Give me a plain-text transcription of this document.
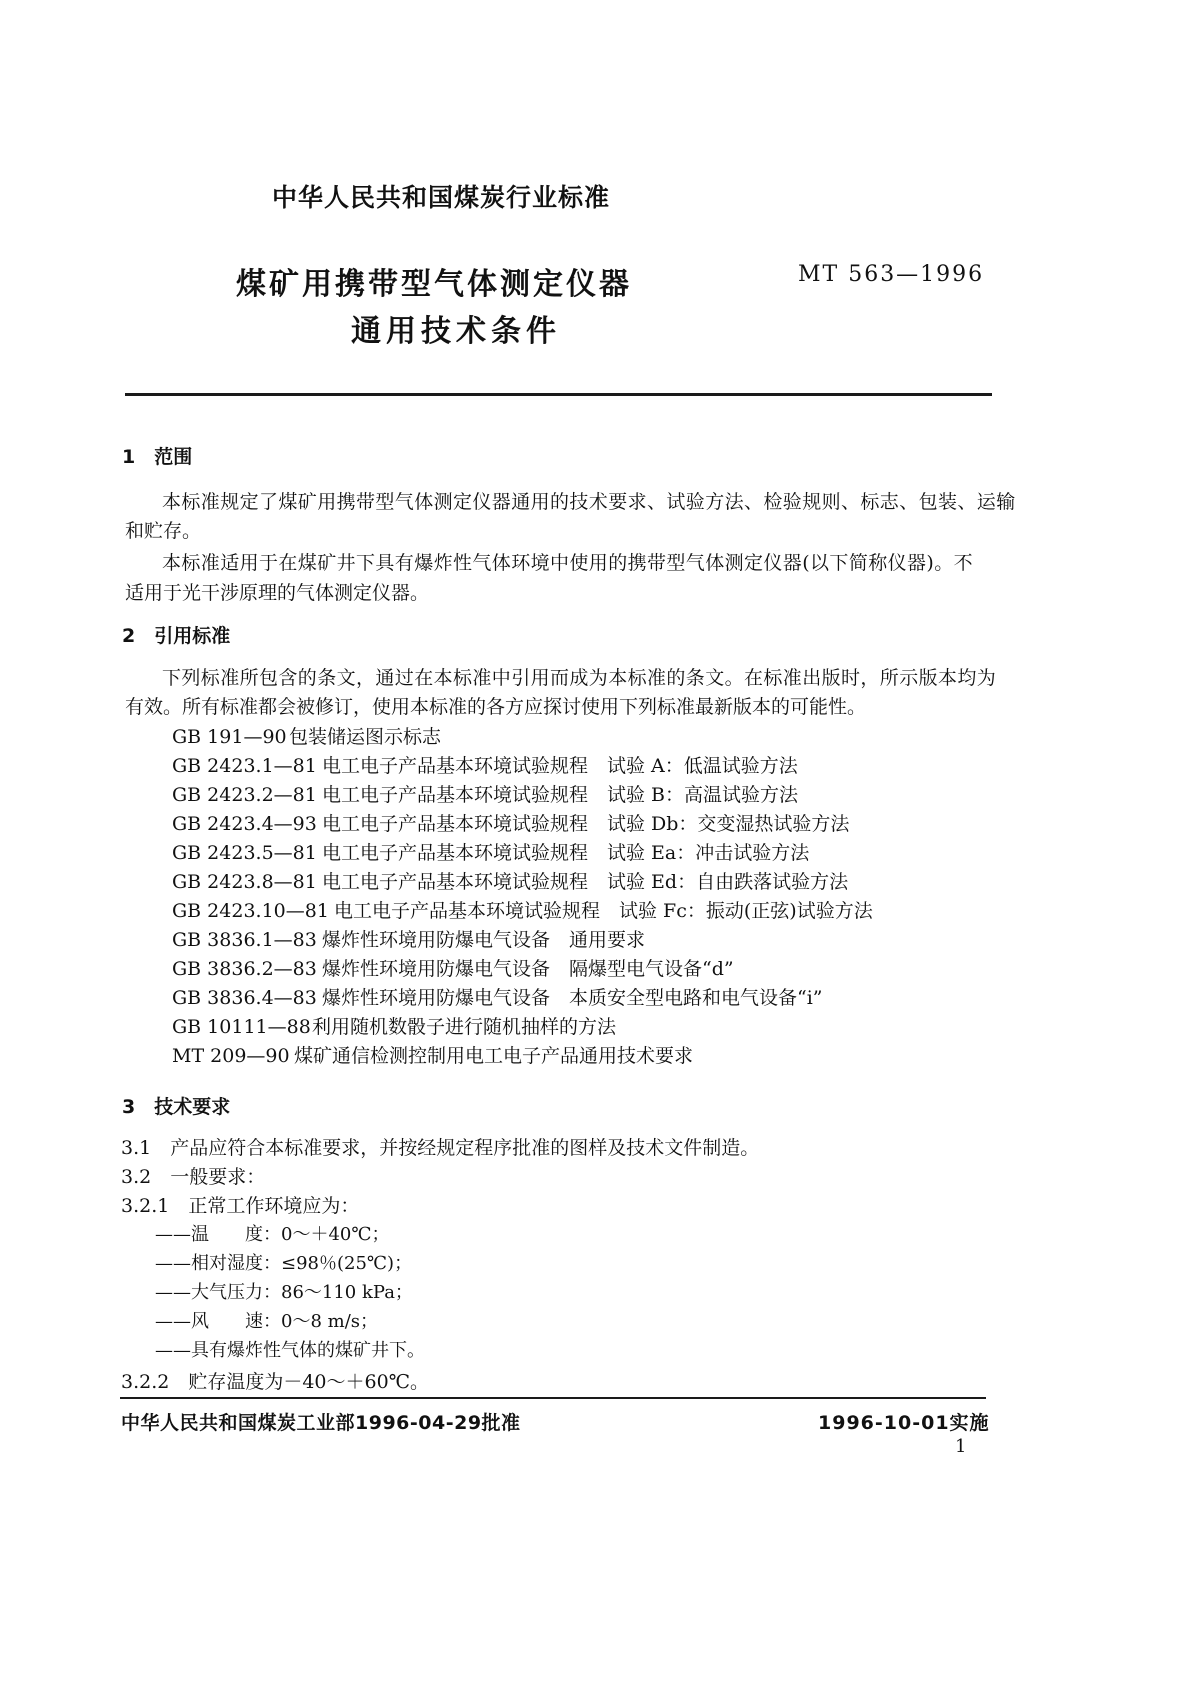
中华人民共和国煤炭行业标准
煤矿用携带型气体测定仪器
通用技术条件
MT 563—1996
1　范围
本标准规定了煤矿用携带型气体测定仪器通用的技术要求、试验方法、检验规则、标志、包装、运输
和贮存。
本标准适用于在煤矿井下具有爆炸性气体环境中使用的携带型气体测定仪器(以下简称仪器)。不
适用于光干涉原理的气体测定仪器。
2　引用标准
下列标准所包含的条文，通过在本标准中引用而成为本标准的条文。在标准出版时，所示版本均为
有效。所有标准都会被修订，使用本标准的各方应探讨使用下列标准最新版本的可能性。
GB 191—90 包装储运图示标志
GB 2423.1—81 电工电子产品基本环境试验规程　试验 A：低温试验方法
GB 2423.2—81 电工电子产品基本环境试验规程　试验 B：高温试验方法
GB 2423.4—93 电工电子产品基本环境试验规程　试验 Db：交变湿热试验方法
GB 2423.5—81 电工电子产品基本环境试验规程　试验 Ea：冲击试验方法
GB 2423.8—81 电工电子产品基本环境试验规程　试验 Ed：自由跌落试验方法
GB 2423.10—81 电工电子产品基本环境试验规程　试验 Fc：振动(正弦)试验方法
GB 3836.1—83 爆炸性环境用防爆电气设备　通用要求
GB 3836.2—83 爆炸性环境用防爆电气设备　隔爆型电气设备“d”
GB 3836.4—83 爆炸性环境用防爆电气设备　本质安全型电路和电气设备“i”
GB 10111—88利用随机数骰子进行随机抽样的方法
MT 209—90 煤矿通信检测控制用电工电子产品通用技术要求
3　技术要求
3.1　产品应符合本标准要求，并按经规定程序批准的图样及技术文件制造。
3.2　一般要求：
3.2.1　正常工作环境应为：
——温　　度：0～＋40℃；
——相对湿度：≤98％(25℃)；
——大气压力：86～110 kPa；
——风　　速：0～8 m/s；
——具有爆炸性气体的煤矿井下。
3.2.2　贮存温度为－40～＋60℃。
中华人民共和国煤炭工业部1996-04-29批准	1996-10-01实施
1
